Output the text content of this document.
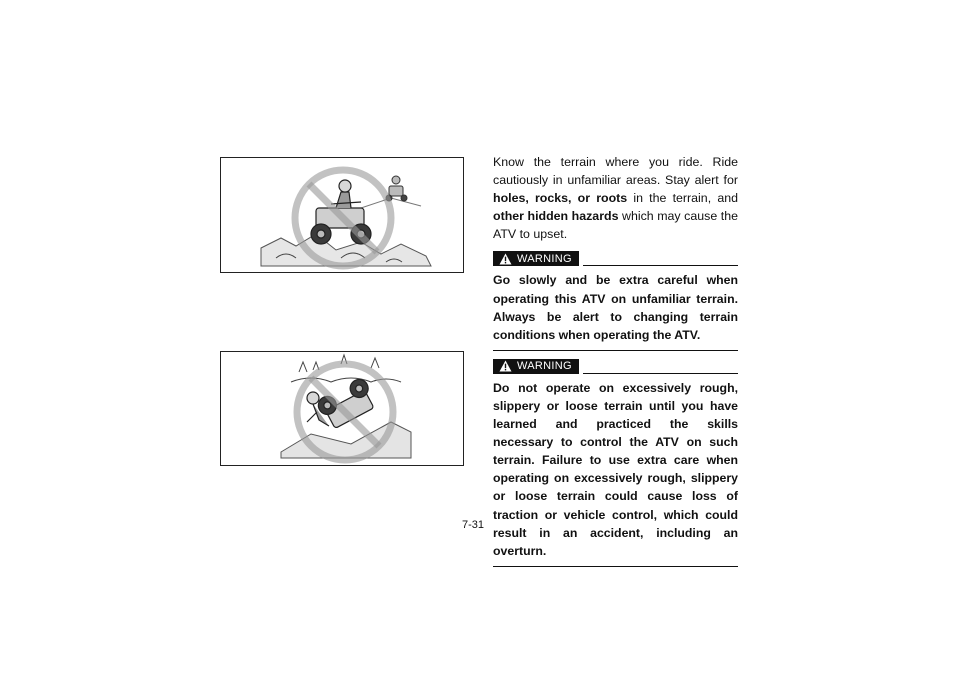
Know the terrain where you ride. Ride cautiously in unfamiliar areas. Stay alert for holes, rocks, or roots in the terrain, and other hidden hazards which may cause the ATV to upset.

WARNING

Go slowly and be extra careful when operating this ATV on unfamiliar terrain. Always be alert to changing terrain conditions when operating the ATV.

WARNING

Do not operate on excessively rough, slippery or loose terrain until you have learned and practiced the skills necessary to control the ATV on such terrain. Failure to use extra care when operating on excessively rough, slippery or loose terrain could cause loss of traction or vehicle control, which could result in an accident, including an overturn.

7-31
